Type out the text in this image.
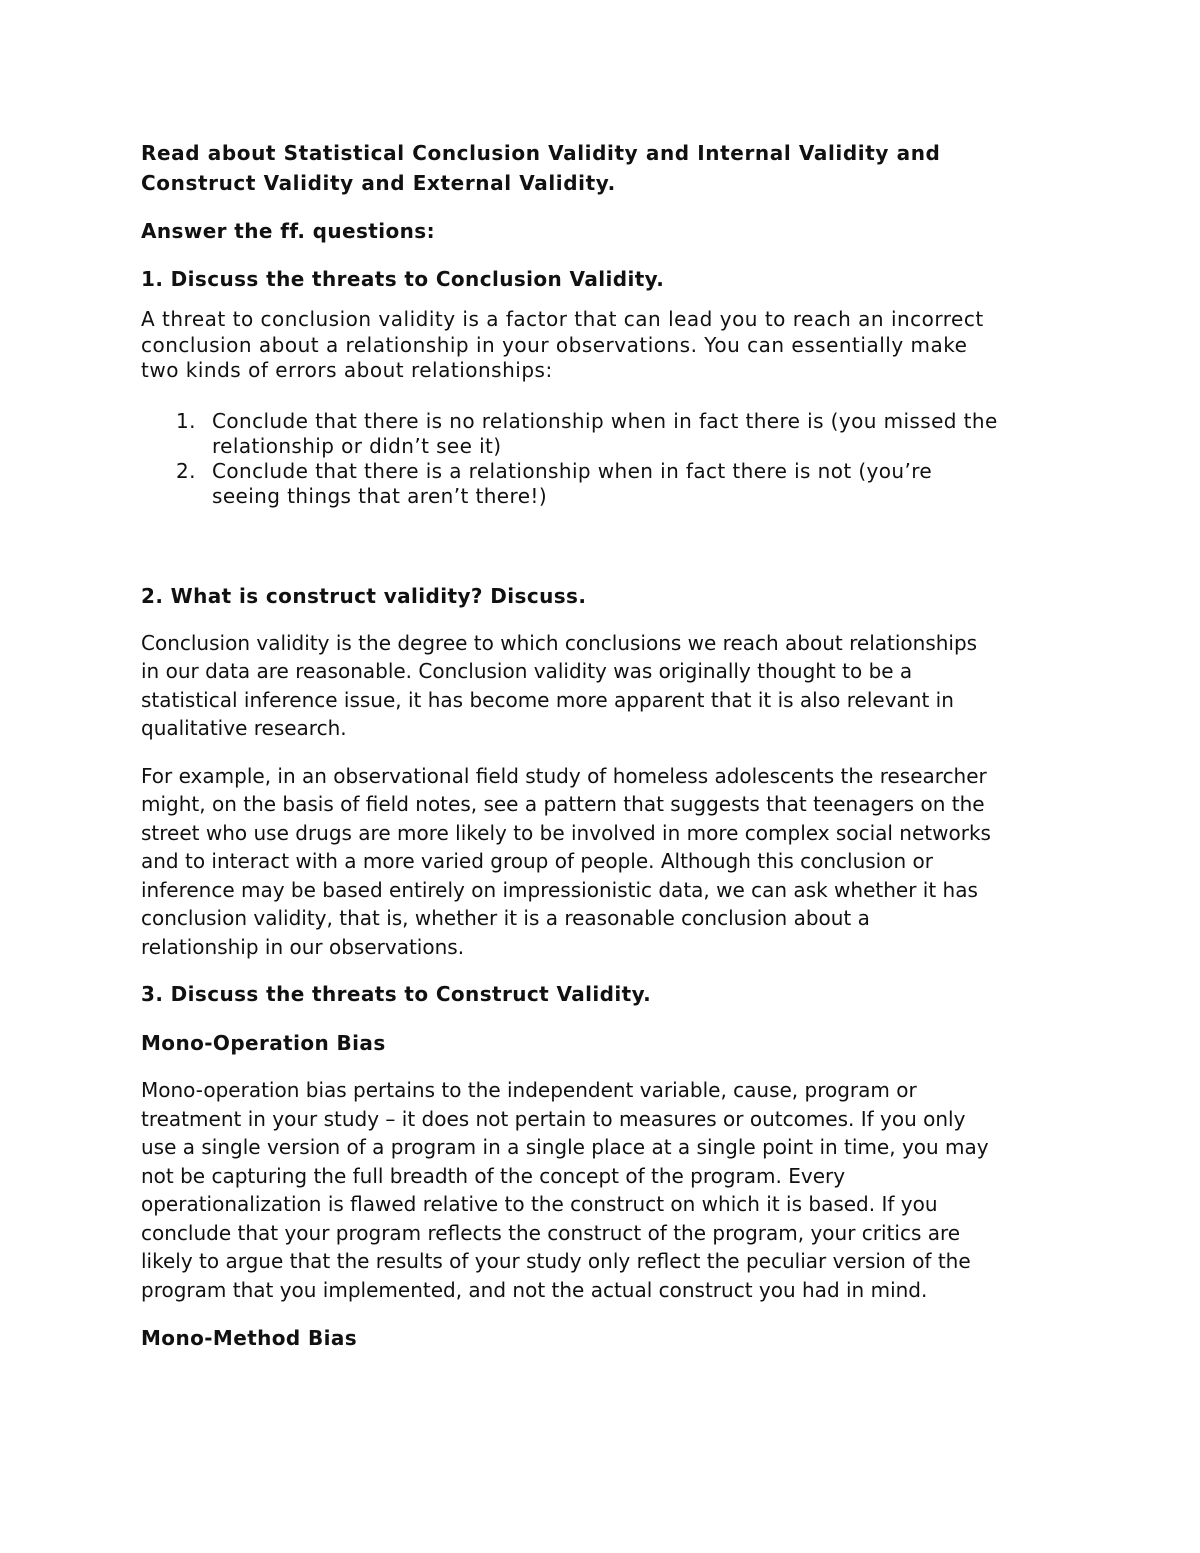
Read about Statistical Conclusion Validity and Internal Validity and
Construct Validity and External Validity.

Answer the ff. questions:

1. Discuss the threats to Conclusion Validity.

A threat to conclusion validity is a factor that can lead you to reach an incorrect
conclusion about a relationship in your observations. You can essentially make
two kinds of errors about relationships:

1. Conclude that there is no relationship when in fact there is (you missed the
relationship or didn’t see it)
2. Conclude that there is a relationship when in fact there is not (you’re
seeing things that aren’t there!)

2. What is construct validity? Discuss.

Conclusion validity is the degree to which conclusions we reach about relationships
in our data are reasonable. Conclusion validity was originally thought to be a
statistical inference issue, it has become more apparent that it is also relevant in
qualitative research.

For example, in an observational field study of homeless adolescents the researcher
might, on the basis of field notes, see a pattern that suggests that teenagers on the
street who use drugs are more likely to be involved in more complex social networks
and to interact with a more varied group of people. Although this conclusion or
inference may be based entirely on impressionistic data, we can ask whether it has
conclusion validity, that is, whether it is a reasonable conclusion about a
relationship in our observations.

3. Discuss the threats to Construct Validity.

Mono-Operation Bias

Mono-operation bias pertains to the independent variable, cause, program or
treatment in your study – it does not pertain to measures or outcomes. If you only
use a single version of a program in a single place at a single point in time, you may
not be capturing the full breadth of the concept of the program. Every
operationalization is flawed relative to the construct on which it is based. If you
conclude that your program reflects the construct of the program, your critics are
likely to argue that the results of your study only reflect the peculiar version of the
program that you implemented, and not the actual construct you had in mind.

Mono-Method Bias
